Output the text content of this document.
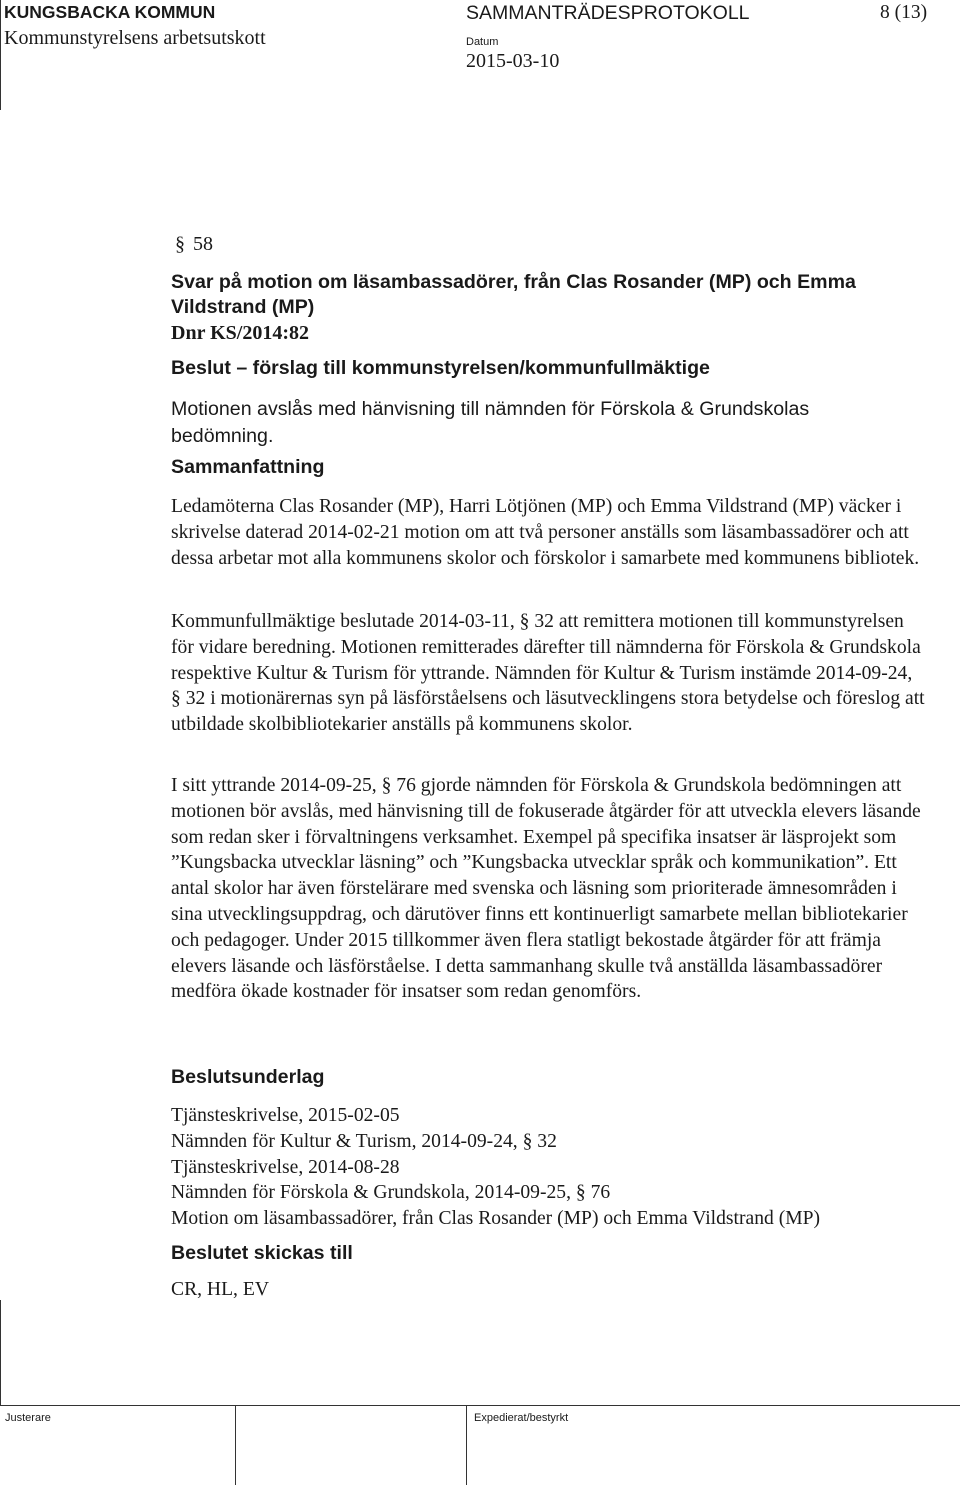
KUNGSBACKA KOMMUN
Kommunstyrelsens arbetsutskott
SAMMANTRÄDESPROTOKOLL	8 (13)
Datum
2015-03-10
§ 58
Svar på motion om läsambassadörer, från Clas Rosander (MP) och Emma Vildstrand (MP)
Dnr KS/2014:82
Beslut – förslag till kommunstyrelsen/kommunfullmäktige

Motionen avslås med hänvisning till nämnden för Förskola & Grundskolas bedömning.

Sammanfattning

Ledamöterna Clas Rosander (MP), Harri Lötjönen (MP) och Emma Vildstrand (MP) väcker i skrivelse daterad 2014-02-21 motion om att två personer anställs som läsambassadörer och att dessa arbetar mot alla kommunens skolor och förskolor i samarbete med kommunens bibliotek.

Kommunfullmäktige beslutade 2014-03-11, § 32 att remittera motionen till kommunstyrelsen för vidare beredning. Motionen remitterades därefter till nämnderna för Förskola & Grundskola respektive Kultur & Turism för yttrande. Nämnden för Kultur & Turism instämde 2014-09-24, § 32 i motionärernas syn på läsförståelsens och läsutvecklingens stora betydelse och föreslog att utbildade skolbibliotekarier anställs på kommunens skolor.

I sitt yttrande 2014-09-25, § 76 gjorde nämnden för Förskola & Grundskola bedömningen att motionen bör avslås, med hänvisning till de fokuserade åtgärder för att utveckla elevers läsande som redan sker i förvaltningens verksamhet. Exempel på specifika insatser är läsprojekt som ”Kungsbacka utvecklar läsning” och ”Kungsbacka utvecklar språk och kommunikation”. Ett antal skolor har även förstelärare med svenska och läsning som prioriterade ämnesområden i sina utvecklingsuppdrag, och därutöver finns ett kontinuerligt samarbete mellan bibliotekarier och pedagoger. Under 2015 tillkommer även flera statligt bekostade åtgärder för att främja elevers läsande och läsförståelse. I detta sammanhang skulle två anställda läsambassadörer medföra ökade kostnader för insatser som redan genomförs.

Beslutsunderlag
Tjänsteskrivelse, 2015-02-05
Nämnden för Kultur & Turism, 2014-09-24, § 32
Tjänsteskrivelse, 2014-08-28
Nämnden för Förskola & Grundskola, 2014-09-25, § 76
Motion om läsambassadörer, från Clas Rosander (MP) och Emma Vildstrand (MP)
Beslutet skickas till
CR, HL, EV
Justerare	Expedierat/bestyrkt
